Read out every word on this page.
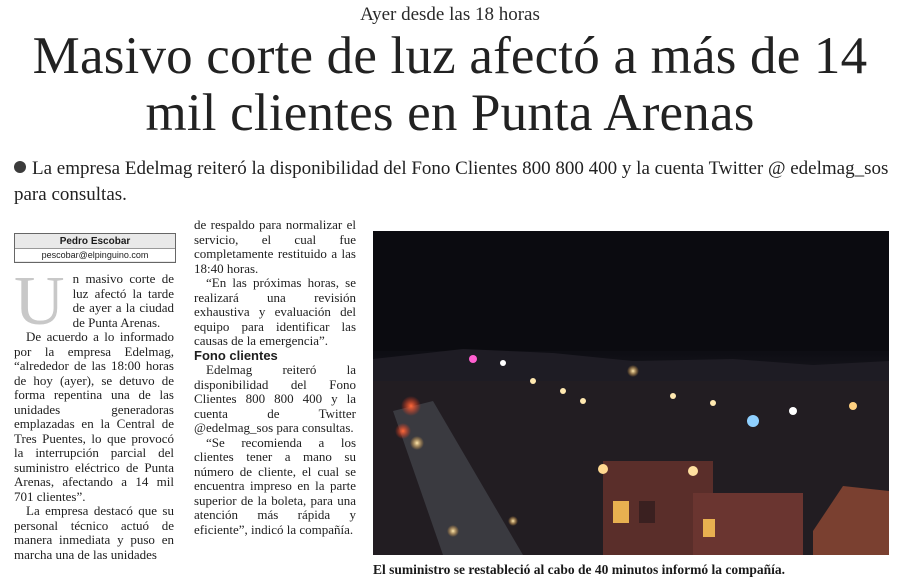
Ayer desde las 18 horas
Masivo corte de luz afectó a más de 14 mil clientes en Punta Arenas
La empresa Edelmag reiteró la disponibilidad del Fono Clientes 800 800 400 y la cuenta Twitter @ edelmag_sos para consultas.
Pedro Escobar
pescobar@elpinguino.com

Un masivo corte de luz afectó la tarde de ayer a la ciudad de Punta Arenas.

De acuerdo a lo informado por la empresa Edelmag, “alrededor de las 18:00 horas de hoy (ayer), se detuvo de forma repentina una de las unidades generadoras emplazadas en la Central de Tres Puentes, lo que provocó la interrupción parcial del suministro eléctrico de Punta Arenas, afectando a 14 mil 701 clientes”.

La empresa destacó que su personal técnico actuó de manera inmediata y puso en marcha una de las unidades

de respaldo para normalizar el servicio, el cual fue completamente restituido a las 18:40 horas.

“En las próximas horas, se realizará una revisión exhaustiva y evaluación del equipo para identificar las causas de la emergencia”.

Fono clientes

Edelmag reiteró la disponibilidad del Fono Clientes 800 800 400 y la cuenta de Twitter @edelmag_sos para consultas.

“Se recomienda a los clientes tener a mano su número de cliente, el cual se encuentra impreso en la parte superior de la boleta, para una atención más rápida y eficiente”, indicó la compañía.

El suministro se restableció al cabo de 40 minutos informó la compañía.
